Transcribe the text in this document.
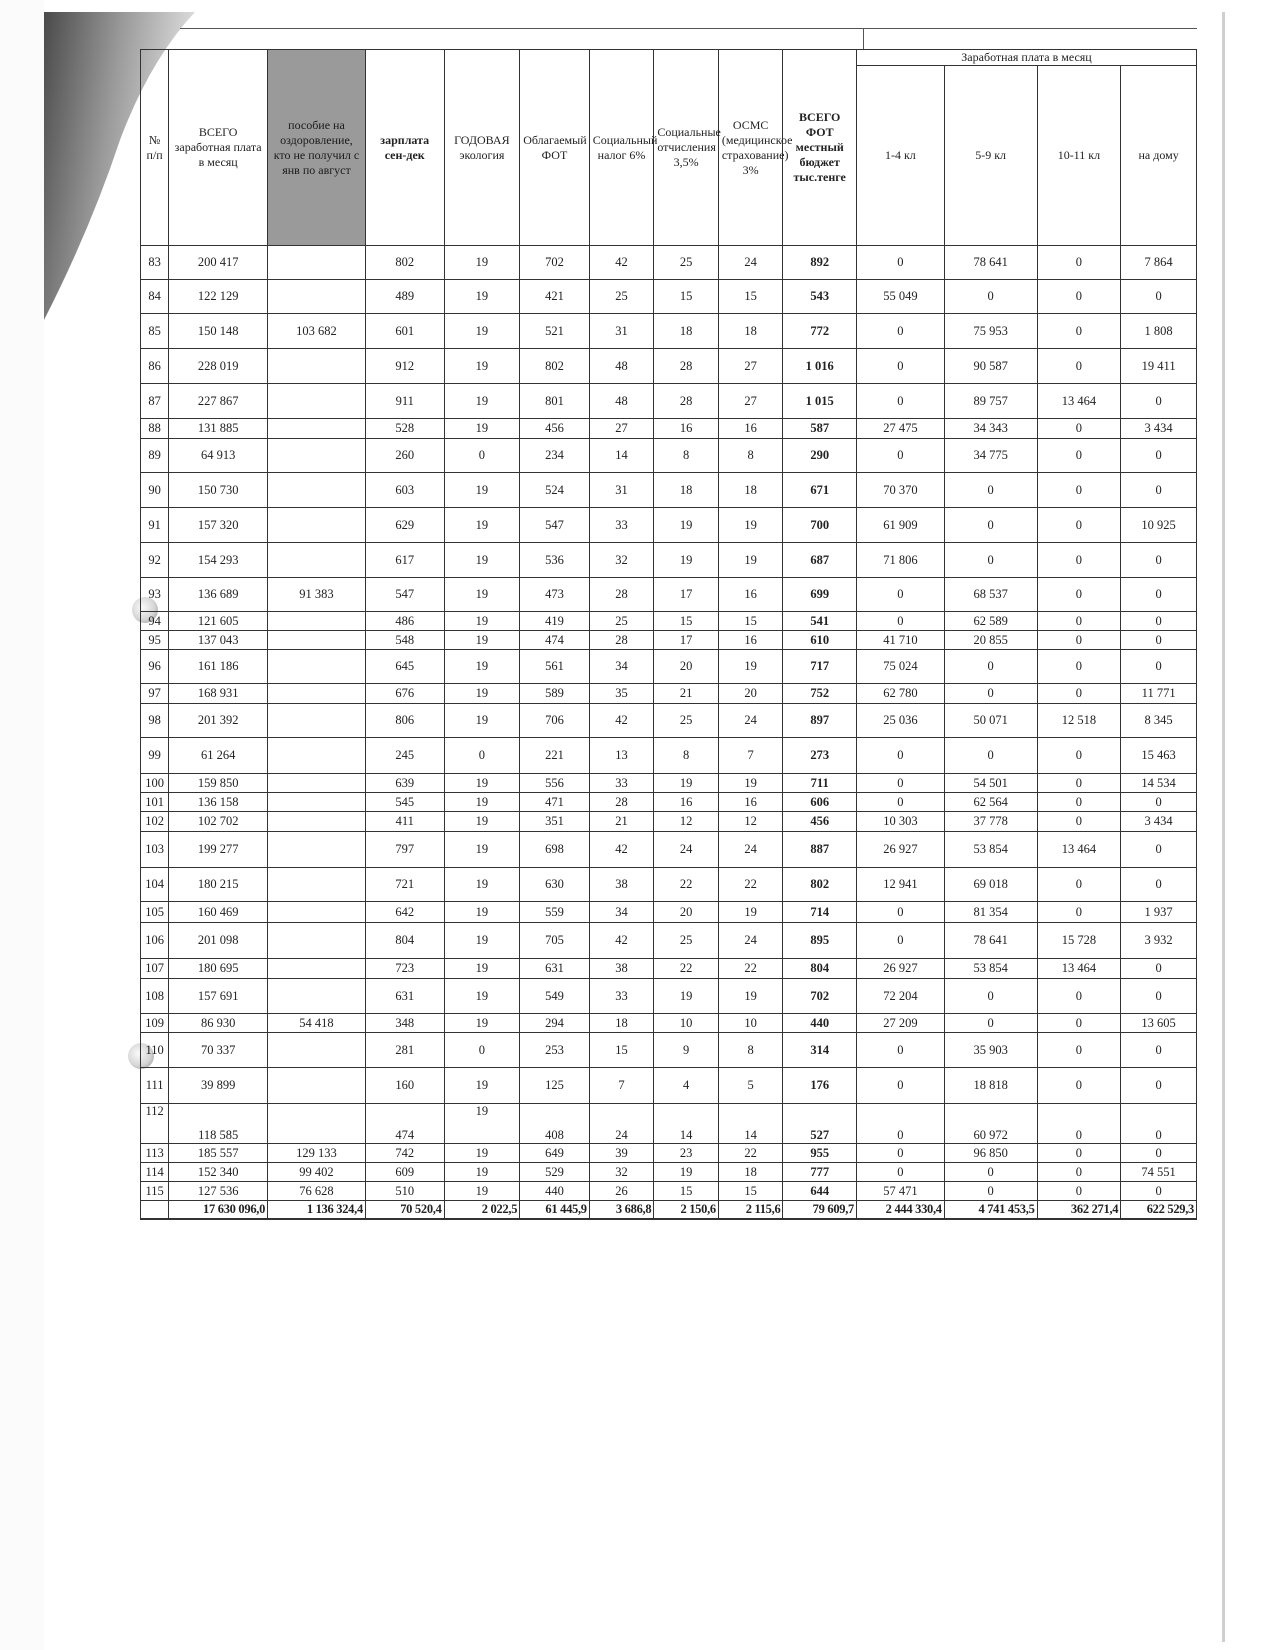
№ п/п	ВСЕГО заработная плата в месяц	пособие на оздоровление, кто не получил с янв по август	зарплата сен-дек	ГОДОВАЯ экология	Облагаемый ФОТ	Социальный налог 6%	Социальные отчисления 3,5%	ОСМС (медицинское страхование) 3%	ВСЕГО ФОТ местный бюджет тыс.тенге	Заработная плата в месяц			
										1-4 кл	5-9 кл	10-11 кл	на дому
83	200 417		802	19	702	42	25	24	892	0	78 641	0	7 864
84	122 129		489	19	421	25	15	15	543	55 049	0	0	0
85	150 148	103 682	601	19	521	31	18	18	772	0	75 953	0	1 808
86	228 019		912	19	802	48	28	27	1 016	0	90 587	0	19 411
87	227 867		911	19	801	48	28	27	1 015	0	89 757	13 464	0
88	131 885		528	19	456	27	16	16	587	27 475	34 343	0	3 434
89	64 913		260	0	234	14	8	8	290	0	34 775	0	0
90	150 730		603	19	524	31	18	18	671	70 370	0	0	0
91	157 320		629	19	547	33	19	19	700	61 909	0	0	10 925
92	154 293		617	19	536	32	19	19	687	71 806	0	0	0
93	136 689	91 383	547	19	473	28	17	16	699	0	68 537	0	0
94	121 605		486	19	419	25	15	15	541	0	62 589	0	0
95	137 043		548	19	474	28	17	16	610	41 710	20 855	0	0
96	161 186		645	19	561	34	20	19	717	75 024	0	0	0
97	168 931		676	19	589	35	21	20	752	62 780	0	0	11 771
98	201 392		806	19	706	42	25	24	897	25 036	50 071	12 518	8 345
99	61 264		245	0	221	13	8	7	273	0	0	0	15 463
100	159 850		639	19	556	33	19	19	711	0	54 501	0	14 534
101	136 158		545	19	471	28	16	16	606	0	62 564	0	0
102	102 702		411	19	351	21	12	12	456	10 303	37 778	0	3 434
103	199 277		797	19	698	42	24	24	887	26 927	53 854	13 464	0
104	180 215		721	19	630	38	22	22	802	12 941	69 018	0	0
105	160 469		642	19	559	34	20	19	714	0	81 354	0	1 937
106	201 098		804	19	705	42	25	24	895	0	78 641	15 728	3 932
107	180 695		723	19	631	38	22	22	804	26 927	53 854	13 464	0
108	157 691		631	19	549	33	19	19	702	72 204	0	0	0
109	86 930	54 418	348	19	294	18	10	10	440	27 209	0	0	13 605
110	70 337		281	0	253	15	9	8	314	0	35 903	0	0
111	39 899		160	19	125	7	4	5	176	0	18 818	0	0
112	118 585		474	19	408	24	14	14	527	0	60 972	0	0
113	185 557	129 133	742	19	649	39	23	22	955	0	96 850	0	0
114	152 340	99 402	609	19	529	32	19	18	777	0	0	0	74 551
115	127 536	76 628	510	19	440	26	15	15	644	57 471	0	0	0
	17 630 096,0	1 136 324,4	70 520,4	2 022,5	61 445,9	3 686,8	2 150,6	2 115,6	79 609,7	2 444 330,4	4 741 453,5	362 271,4	622 529,3
